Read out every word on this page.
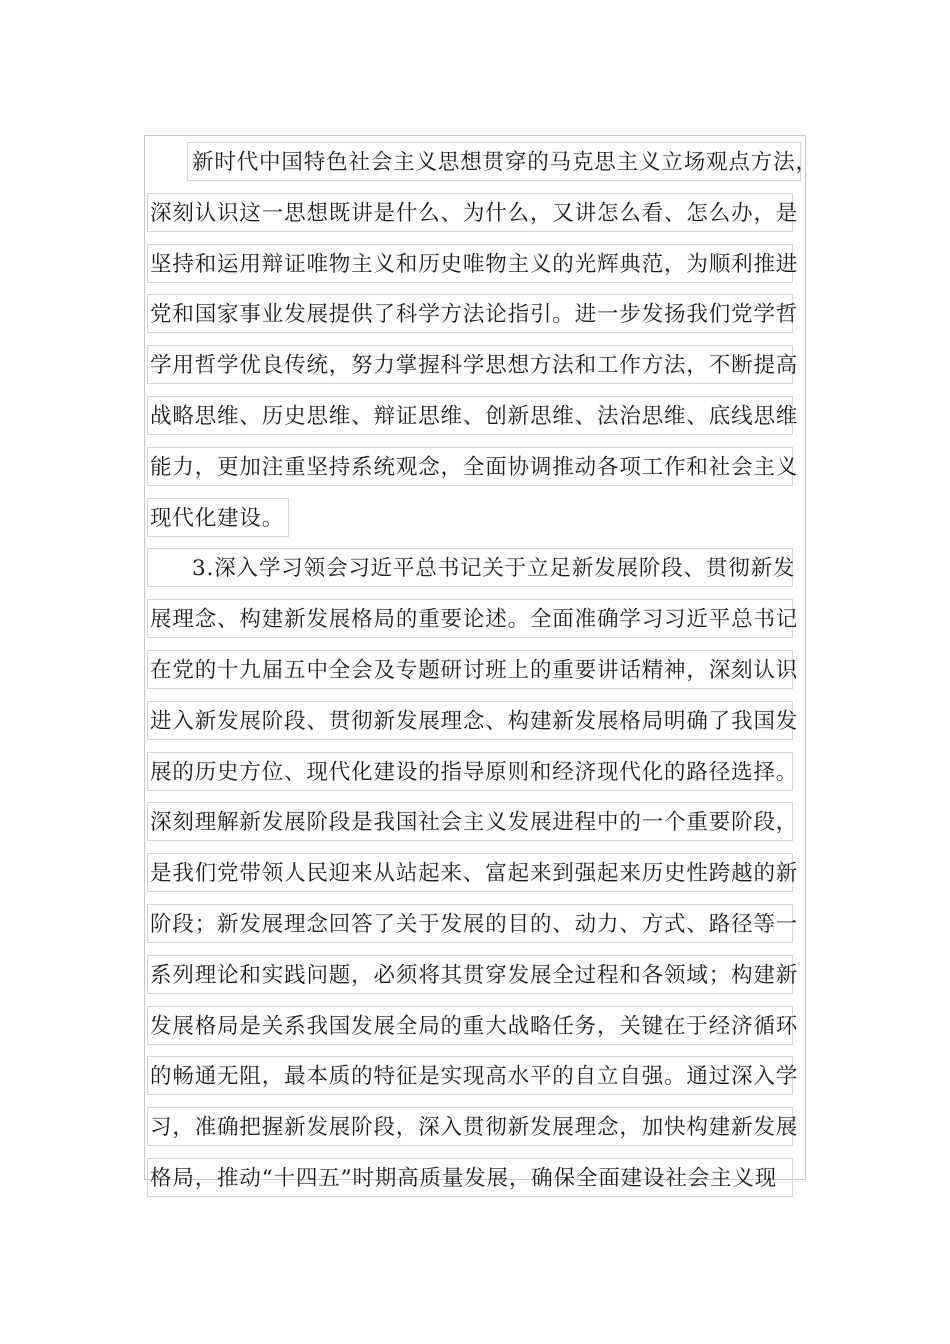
新时代中国特色社会主义思想贯穿的马克思主义立场观点方法，
深刻认识这一思想既讲是什么、为什么，又讲怎么看、怎么办，是
坚持和运用辩证唯物主义和历史唯物主义的光辉典范，为顺利推进
党和国家事业发展提供了科学方法论指引。进一步发扬我们党学哲
学用哲学优良传统，努力掌握科学思想方法和工作方法，不断提高
战略思维、历史思维、辩证思维、创新思维、法治思维、底线思维
能力，更加注重坚持系统观念，全面协调推动各项工作和社会主义
现代化建设。
3.深入学习领会习近平总书记关于立足新发展阶段、贯彻新发
展理念、构建新发展格局的重要论述。全面准确学习习近平总书记
在党的十九届五中全会及专题研讨班上的重要讲话精神，深刻认识
进入新发展阶段、贯彻新发展理念、构建新发展格局明确了我国发
展的历史方位、现代化建设的指导原则和经济现代化的路径选择。
深刻理解新发展阶段是我国社会主义发展进程中的一个重要阶段，
是我们党带领人民迎来从站起来、富起来到强起来历史性跨越的新
阶段；新发展理念回答了关于发展的目的、动力、方式、路径等一
系列理论和实践问题，必须将其贯穿发展全过程和各领域；构建新
发展格局是关系我国发展全局的重大战略任务，关键在于经济循环
的畅通无阻，最本质的特征是实现高水平的自立自强。通过深入学
习，准确把握新发展阶段，深入贯彻新发展理念，加快构建新发展
格局，推动“十四五”时期高质量发展，确保全面建设社会主义现
